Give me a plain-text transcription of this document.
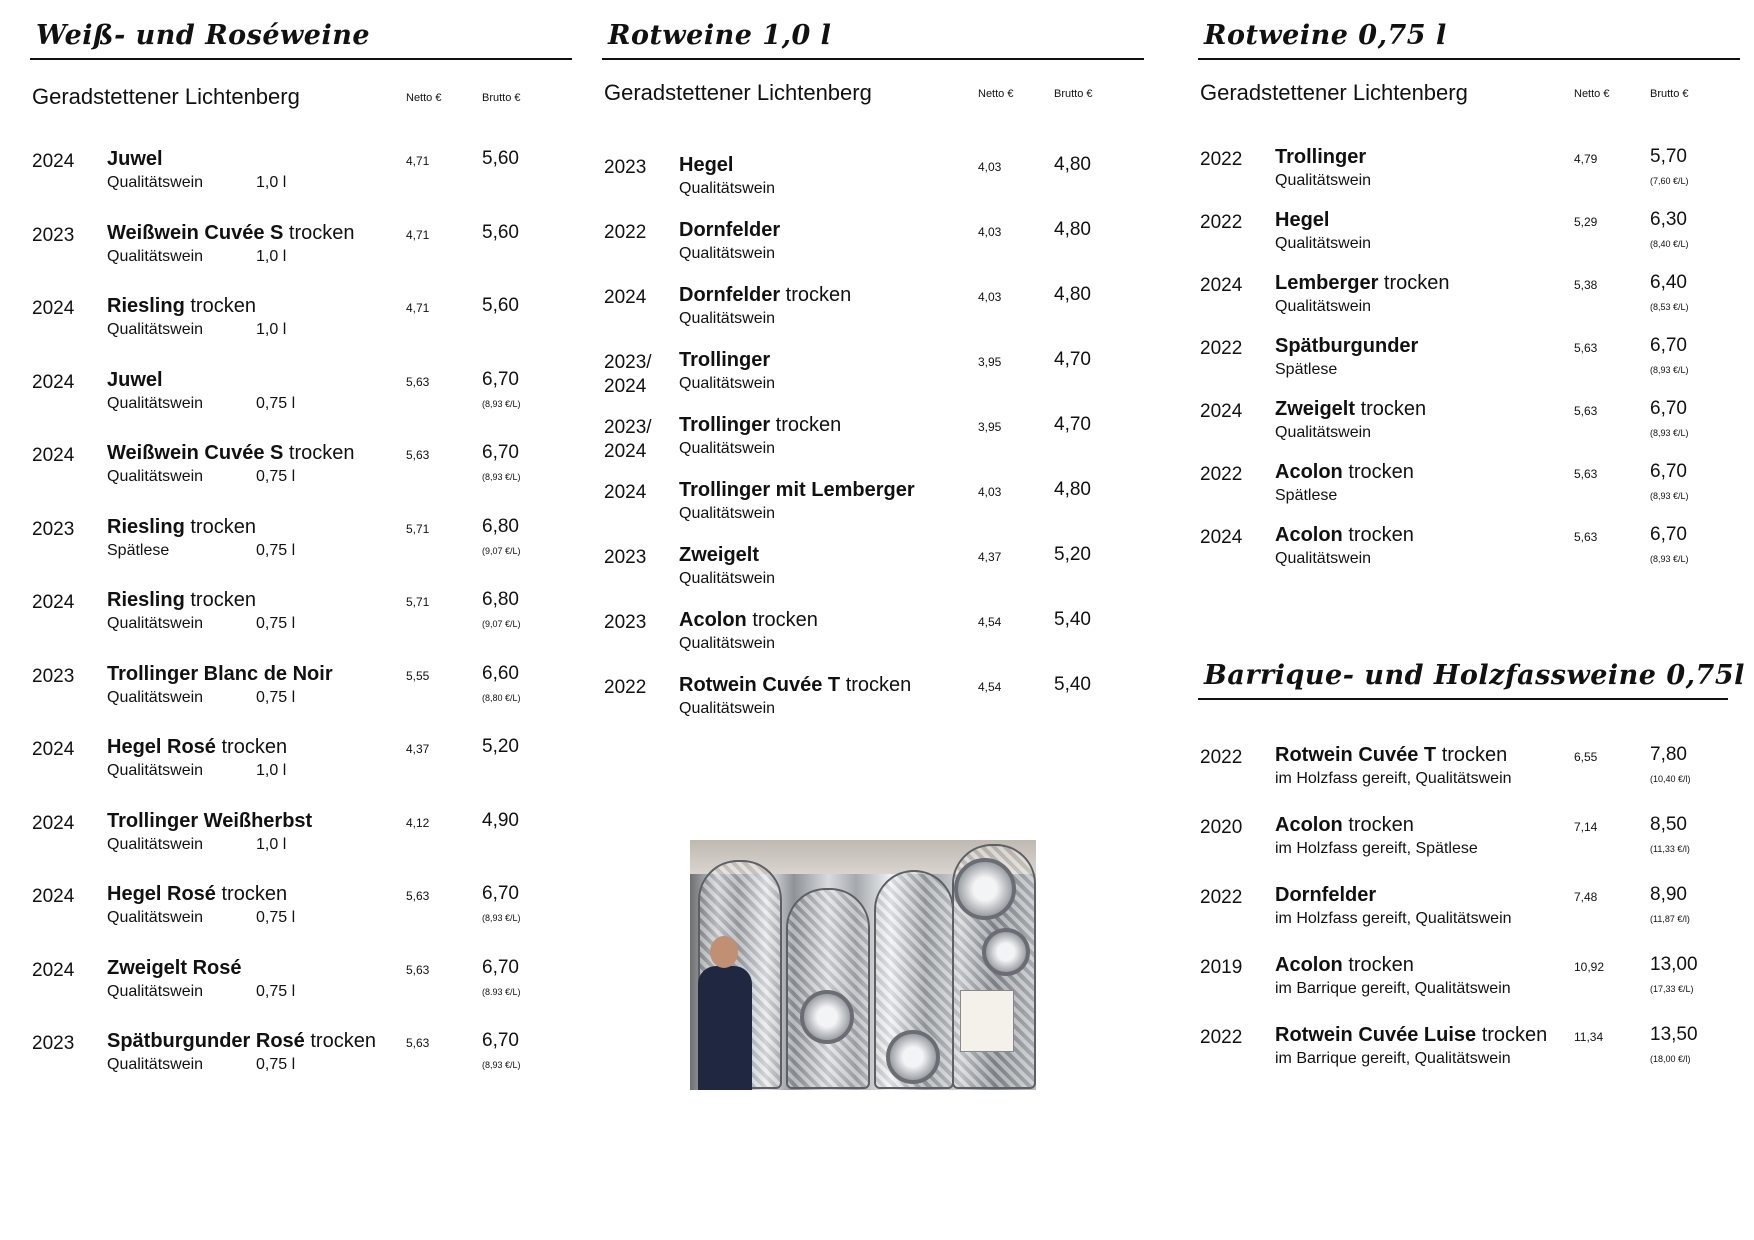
Weiß- und Roséweine
Geradstettener Lichtenberg	Netto €	Brutto €
2024 Juwel
Qualitätswein	1,0 l
4,71	5,60
2023 Weißwein Cuvée S trocken
Qualitätswein	1,0 l
4,71	5,60
2024 Riesling trocken
Qualitätswein	1,0 l
4,71	5,60
2024 Juwel
Qualitätswein	0,75 l
5,63	6,70
(8,93 €/L)
2024 Weißwein Cuvée S trocken
Qualitätswein	0,75 l
5,63	6,70
(8,93 €/L)
2023 Riesling trocken
Spätlese	0,75 l
5,71	6,80
(9,07 €/L)
2024 Riesling trocken
Qualitätswein	0,75 l
5,71	6,80
(9,07 €/L)
2023 Trollinger Blanc de Noir
Qualitätswein	0,75 l
5,55	6,60
(8,80 €/L)
2024 Hegel Rosé trocken
Qualitätswein	1,0 l
4,37	5,20
2024 Trollinger Weißherbst
Qualitätswein	1,0 l
4,12	4,90
2024 Hegel Rosé trocken
Qualitätswein	0,75 l
5,63	6,70
(8,93 €/L)
2024 Zweigelt Rosé
Qualitätswein	0,75 l
5,63	6,70
(8.93 €/L)
2023 Spätburgunder Rosé trocken
Qualitätswein	0,75 l
5,63	6,70
(8,93 €/L)
Rotweine 1,0 l
Geradstettener Lichtenberg	Netto €	Brutto €
2023 Hegel
Qualitätswein
4,03	4,80
2022 Dornfelder
Qualitätswein
4,03	4,80
2024 Dornfelder trocken
Qualitätswein
4,03	4,80
2023/
2024
Trollinger
Qualitätswein
3,95	4,70
2023/
2024
Trollinger trocken
Qualitätswein
3,95	4,70
2024 Trollinger mit Lemberger
Qualitätswein
4,03	4,80
2023 Zweigelt
Qualitätswein
4,37	5,20
2023 Acolon trocken
Qualitätswein
4,54	5,40
2022 Rotwein Cuvée T trocken
Qualitätswein
4,54	5,40
Rotweine 0,75 l
Geradstettener Lichtenberg	Netto €	Brutto €
2022 Trollinger
Qualitätswein
4,79	5,70
(7,60 €/L)
2022 Hegel
Qualitätswein
5,29	6,30
(8,40 €/L)
2024 Lemberger trocken
Qualitätswein
5,38	6,40
(8,53 €/L)
2022 Spätburgunder
Spätlese
5,63	6,70
(8,93 €/L)
2024 Zweigelt trocken
Qualitätswein
5,63	6,70
(8,93 €/L)
2022 Acolon trocken
Spätlese
5,63	6,70
(8,93 €/L)
2024 Acolon trocken
Qualitätswein
5,63	6,70
(8,93 €/L)
Barrique- und Holzfassweine 0,75l
2022 Rotwein Cuvée T trocken
im Holzfass gereift, Qualitätswein
6,55	7,80
(10,40 €/l)
2020 Acolon trocken
im Holzfass gereift, Spätlese
7,14	8,50
(11,33 €/l)
2022 Dornfelder
im Holzfass gereift, Qualitätswein
7,48	8,90
(11,87 €/l)
2019 Acolon trocken
im Barrique gereift, Qualitätswein
10,92 13,00
(17,33 €/L)
2022 Rotwein Cuvée Luise trocken
im Barrique gereift, Qualitätswein
11,34 13,50
(18,00 €/l)
